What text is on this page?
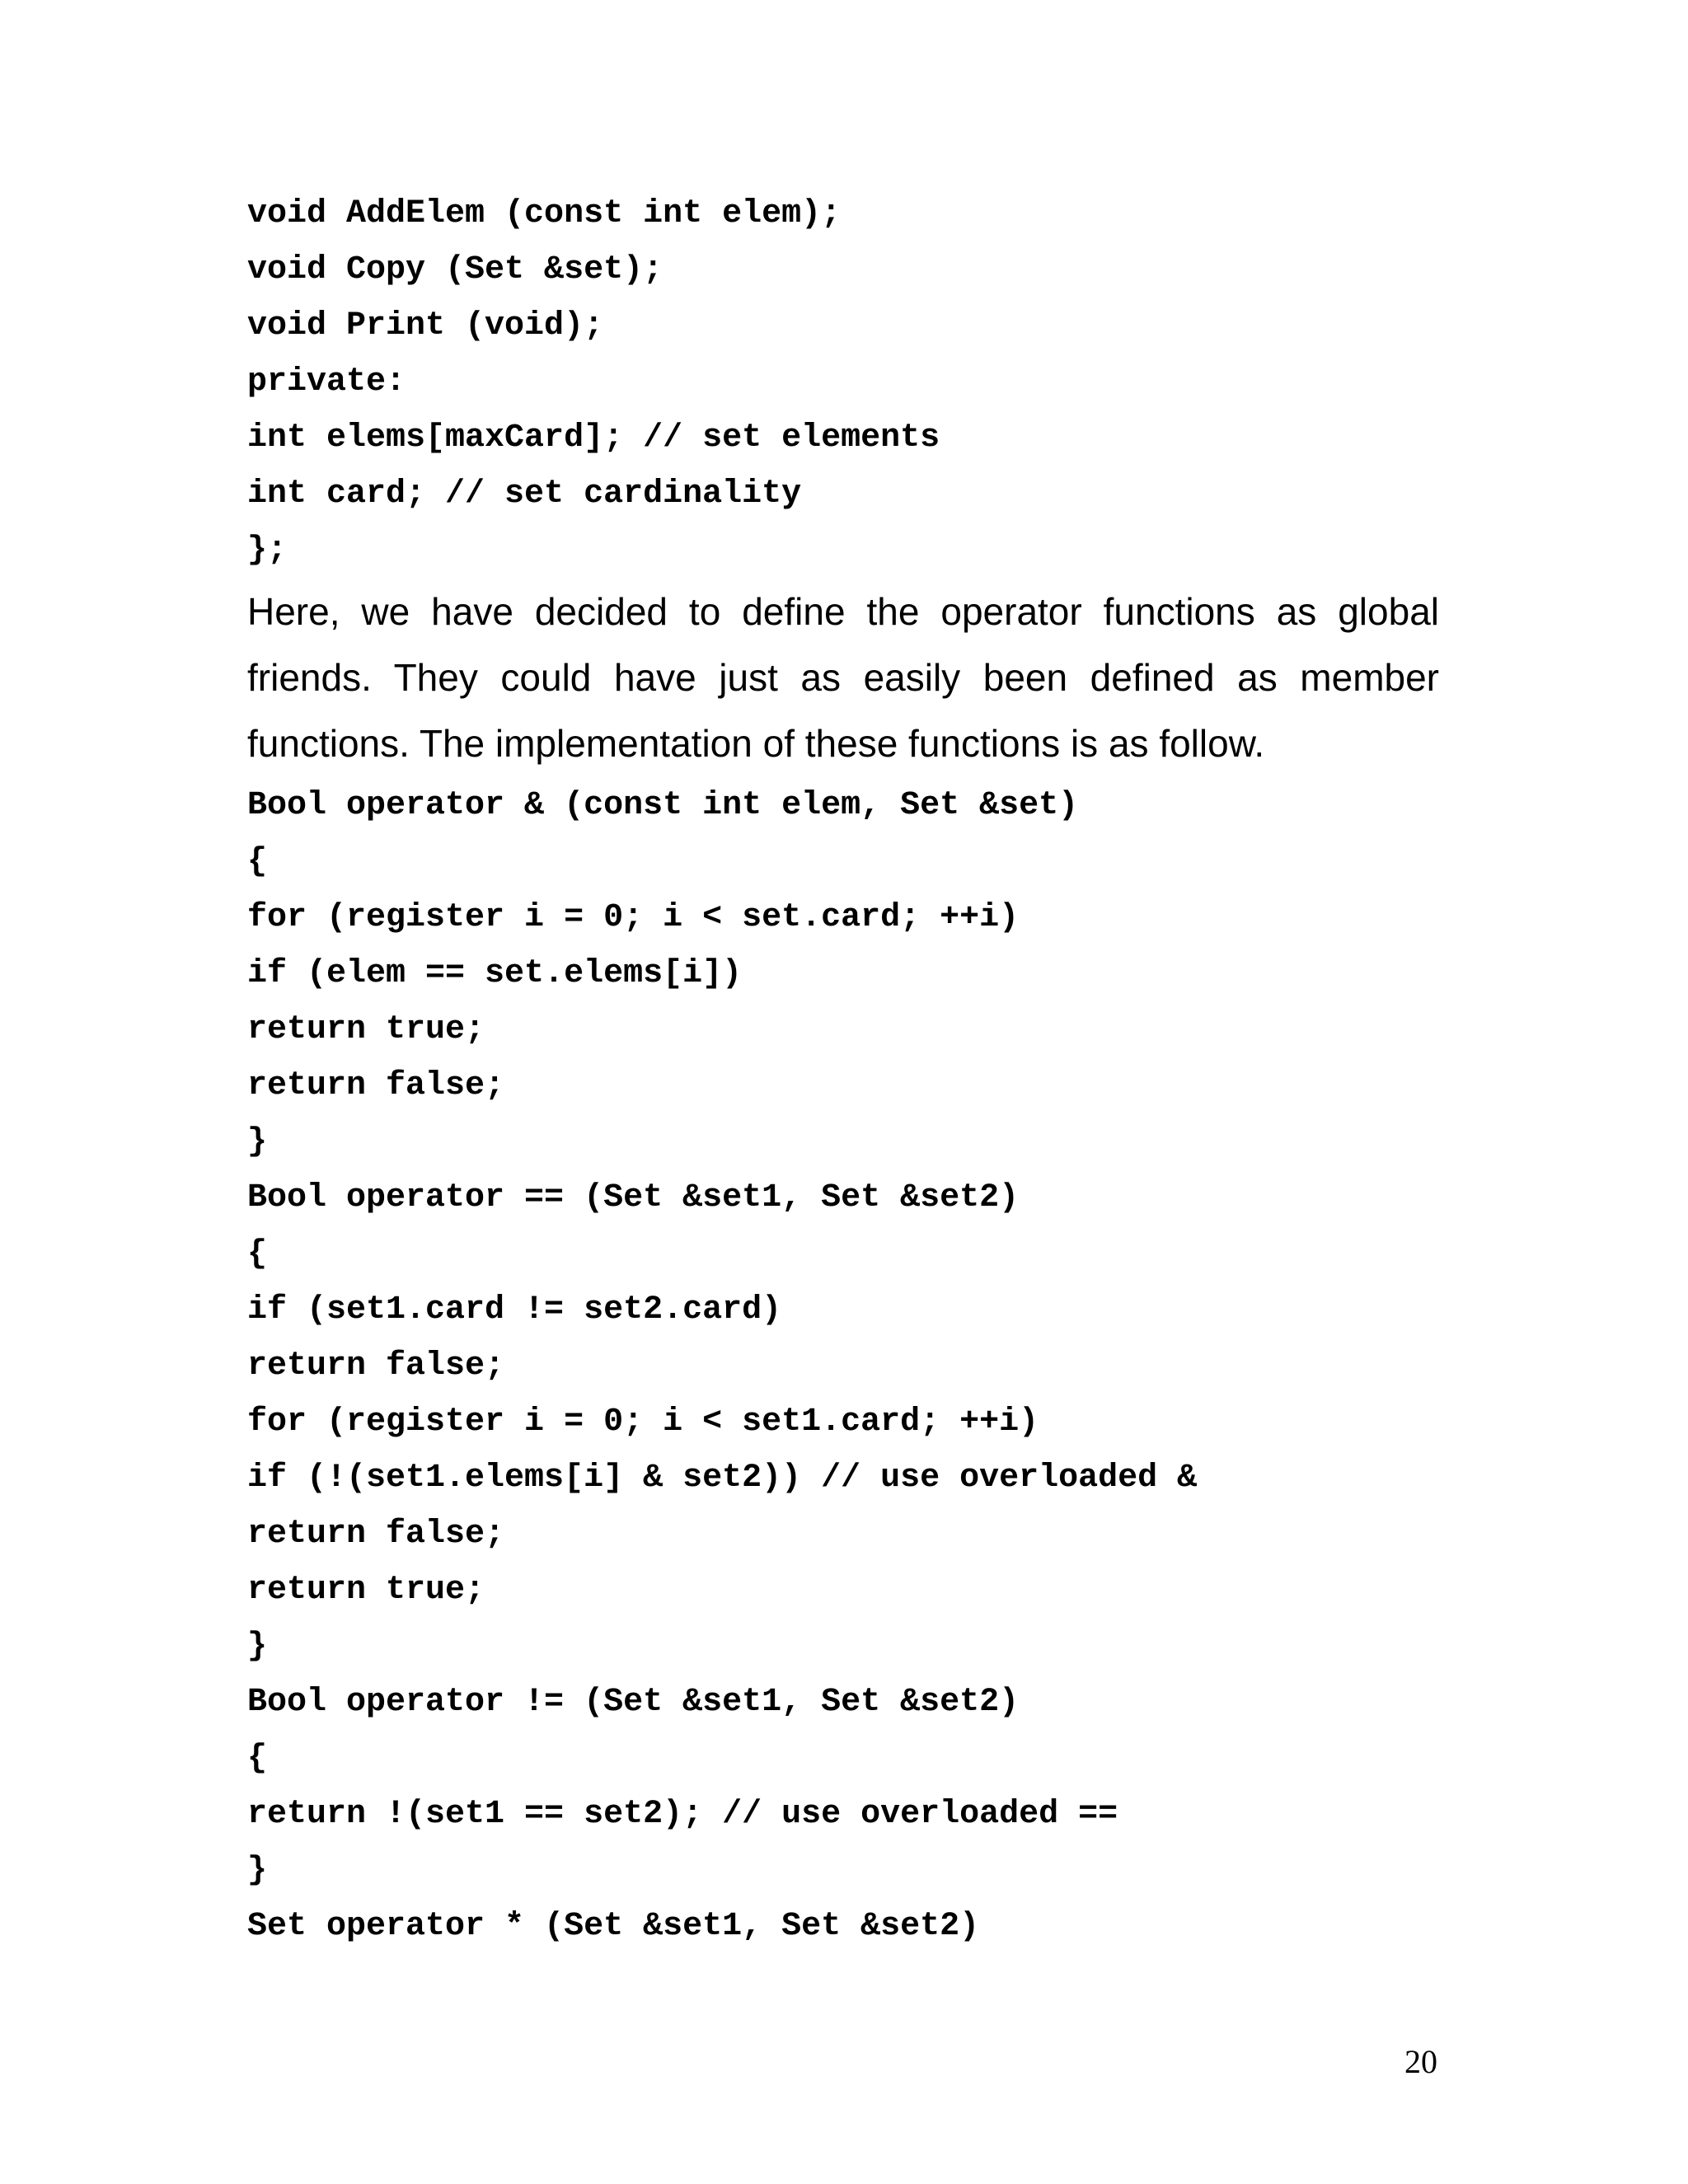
void AddElem (const int elem);
void Copy (Set &set);
void Print (void);
private:
int elems[maxCard]; // set elements
int card; // set cardinality
};

Here, we have decided to define the operator functions as global friends. They could have just as easily been defined as member functions. The implementation of these functions is as follow.

Bool operator & (const int elem, Set &set)
{
for (register i = 0; i < set.card; ++i)
if (elem == set.elems[i])
return true;
return false;
}
Bool operator == (Set &set1, Set &set2)
{
if (set1.card != set2.card)
return false;
for (register i = 0; i < set1.card; ++i)
if (!(set1.elems[i] & set2)) // use overloaded &
return false;
return true;
}
Bool operator != (Set &set1, Set &set2)
{
return !(set1 == set2); // use overloaded ==
}
Set operator * (Set &set1, Set &set2)
20
